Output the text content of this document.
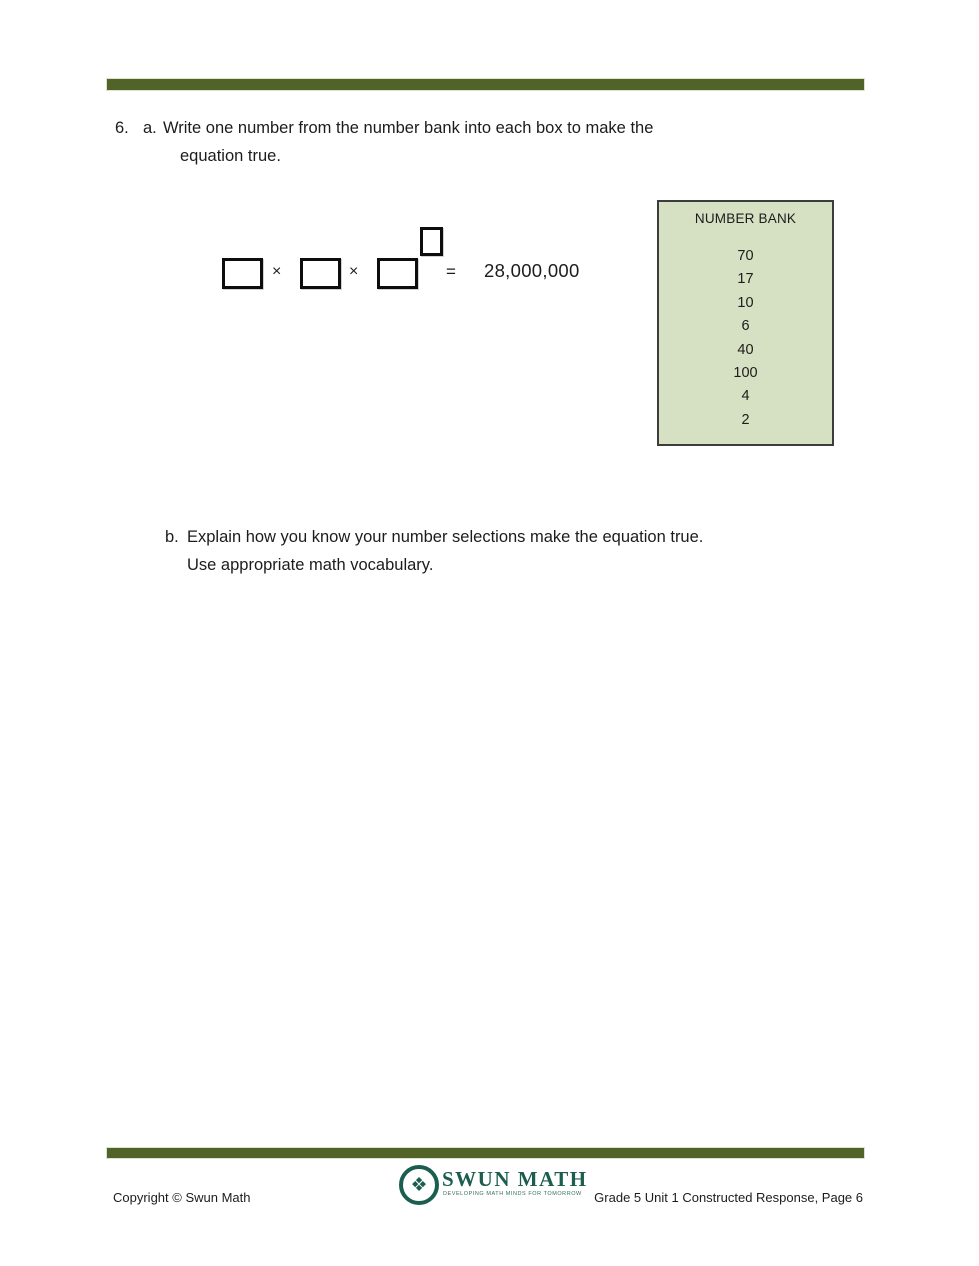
6. a. Write one number from the number bank into each box to make the
equation true.
×	×	= 28,000,000
NUMBER BANK
70
17
10
6
40
100
4
2
b. Explain how you know your number selections make the equation true.
Use appropriate math vocabulary.
Copyright © Swun Math
❖ SWUN MATH
DEVELOPING MATH MINDS FOR TOMORROW Grade 5 Unit 1 Constructed Response, Page 6
